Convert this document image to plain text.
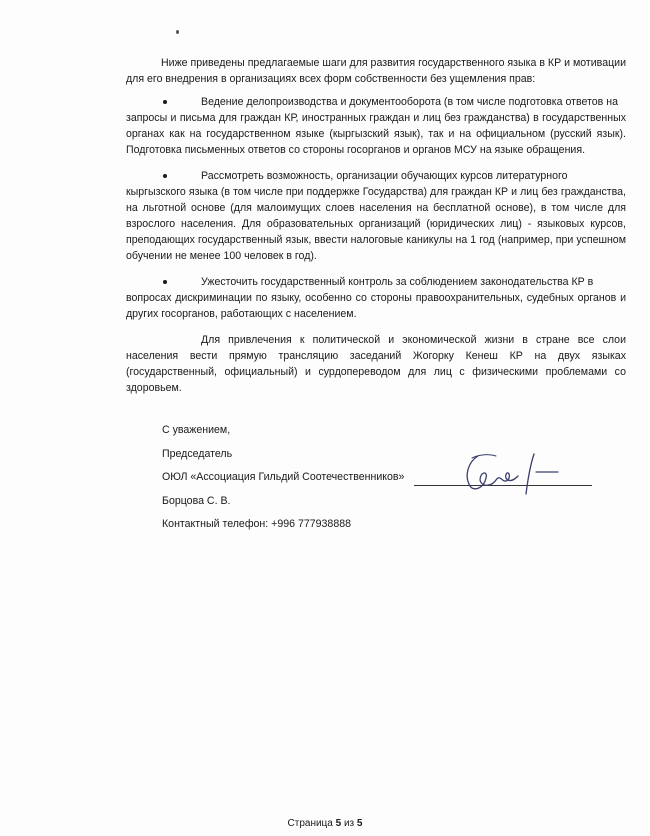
Ниже приведены предлагаемые шаги для развития государственного языка в КР и мотивации для его внедрения в организациях всех форм собственности без ущемления прав:

Ведение делопроизводства и документооборота (в том числе подготовка ответов на
запросы и письма для граждан КР, иностранных граждан и лиц без гражданства) в государственных органах как на государственном языке (кыргызский язык), так и на официальном (русский язык). Подготовка письменных ответов со стороны госорганов и органов МСУ на языке обращения.

Рассмотреть возможность, организации обучающих курсов литературного
кыргызского языка (в том числе при поддержке Государства) для граждан КР и лиц без гражданства, на льготной основе (для малоимущих слоев населения на бесплатной основе), в том числе для взрослого населения. Для образовательных организаций (юридических лиц) - языковых курсов, преподающих государственный язык, ввести налоговые каникулы на 1 год (например, при успешном обучении не менее 100 человек в год).

Ужесточить государственный контроль за соблюдением законодательства КР в
вопросах дискриминации по языку, особенно со стороны правоохранительных, судебных органов и других госорганов, работающих с населением.

Для привлечения к политической и экономической жизни в стране все слои населения вести прямую трансляцию заседаний Жогорку Кенеш КР на двух языках (государственный, официальный) и сурдопереводом для лиц с физическими проблемами со здоровьем.

С уважением,
Председатель
ОЮЛ «Ассоциация Гильдий Соотечественников»
Борцова С. В.
Контактный телефон: +996 777938888
Страница 5 из 5
